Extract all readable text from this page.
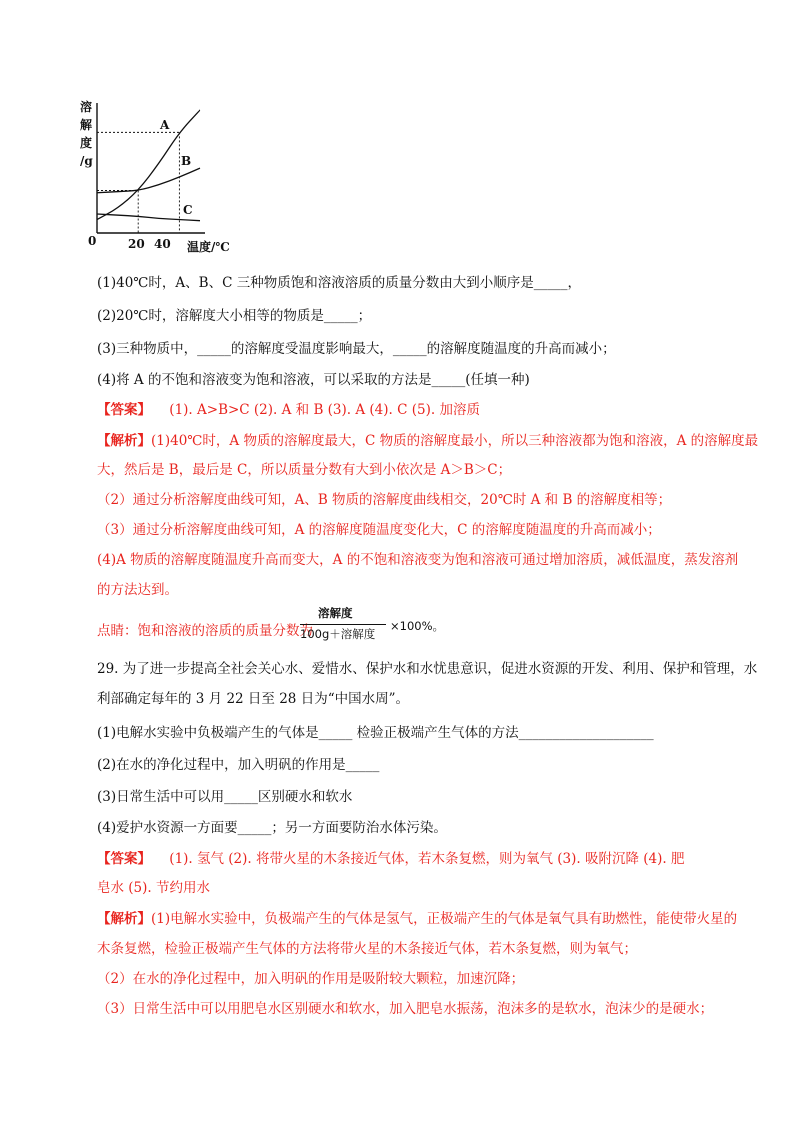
溶
解
度
/g
0	20 40 温度/℃
A
B
C
(1)40℃时，A、B、C 三种物质饱和溶液溶质的质量分数由大到小顺序是_____，
(2)20℃时，溶解度大小相等的物质是_____；
(3)三种物质中，_____的溶解度受温度影响最大，_____的溶解度随温度的升高而减小；
(4)将 A 的不饱和溶液变为饱和溶液，可以采取的方法是_____(任填一种)
【答案】 (1). A>B>C (2). A 和 B (3). A (4). C (5). 加溶质
【解析】(1)40℃时，A 物质的溶解度最大，C 物质的溶解度最小，所以三种溶液都为饱和溶液，A 的溶解度最
大，然后是 B，最后是 C，所以质量分数有大到小依次是 A＞B＞C；
（2）通过分析溶解度曲线可知，A、B 物质的溶解度曲线相交，20℃时 A 和 B 的溶解度相等；
（3）通过分析溶解度曲线可知，A 的溶解度随温度变化大，C 的溶解度随温度的升高而减小；
(4)A 物质的溶解度随温度升高而变大，A 的不饱和溶液变为饱和溶液可通过增加溶质，减低温度，蒸发溶剂
的方法达到。
点睛：饱和溶液的溶质的质量分数为
溶解度
100g＋溶解度
×100%。
29. 为了进一步提高全社会关心水、爱惜水、保护水和水忧患意识，促进水资源的开发、利用、保护和管理，水
利部确定每年的 3 月 22 日至 28 日为“中国水周”。
(1)电解水实验中负极端产生的气体是_____ 检验正极端产生气体的方法____________________
(2)在水的净化过程中，加入明矾的作用是_____
(3)日常生活中可以用_____区别硬水和软水
(4)爱护水资源一方面要_____；另一方面要防治水体污染。
【答案】 (1). 氢气 (2). 将带火星的木条接近气体，若木条复燃，则为氧气 (3). 吸附沉降 (4). 肥
皂水 (5). 节约用水
【解析】(1)电解水实验中，负极端产生的气体是氢气，正极端产生的气体是氧气具有助燃性，能使带火星的
木条复燃，检验正极端产生气体的方法将带火星的木条接近气体，若木条复燃，则为氧气；
（2）在水的净化过程中，加入明矾的作用是吸附较大颗粒，加速沉降；
（3）日常生活中可以用肥皂水区别硬水和软水，加入肥皂水振荡，泡沫多的是软水，泡沫少的是硬水；
